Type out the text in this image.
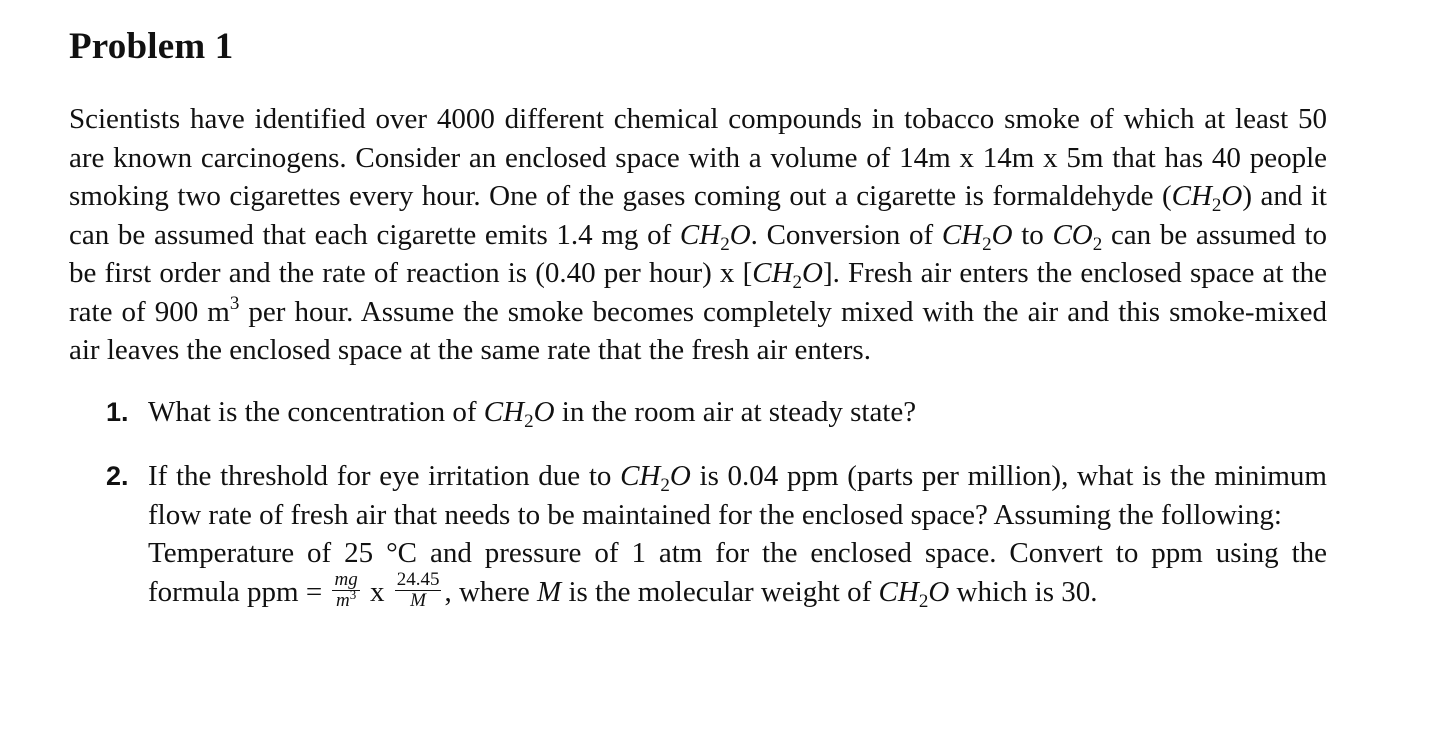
Problem 1

Scientists have identified over 4000 different chemical compounds in tobacco smoke of which at least 50 are known carcinogens. Consider an enclosed space with a volume of 14m x 14m x 5m that has 40 people smoking two cigarettes every hour. One of the gases coming out a cigarette is formaldehyde $(CH_2O)$ and it can be assumed that each cigarette emits 1.4 mg of $CH_2O$. Conversion of $CH_2O$ to $CO_2$ can be assumed to be first order and the rate of reaction is (0.40 per hour) x $[CH_2O]$. Fresh air enters the enclosed space at the rate of 900 $m^3$ per hour. Assume the smoke becomes completely mixed with the air and this smoke-mixed air leaves the enclosed space at the same rate that the fresh air enters.

1. What is the concentration of $CH_2O$ in the room air at steady state?
2. If the threshold for eye irritation due to $CH_2O$ is 0.04 ppm (parts per million), what is the minimum flow rate of fresh air that needs to be maintained for the enclosed space? Assuming the following:
Temperature of 25 °C and pressure of 1 atm for the enclosed space. Convert to ppm using the formula ppm = $\frac{mg}{m^3}$ x $\frac{24.45}{M}$ , where M is the molecular weight of $CH_2O$ which is 30.
